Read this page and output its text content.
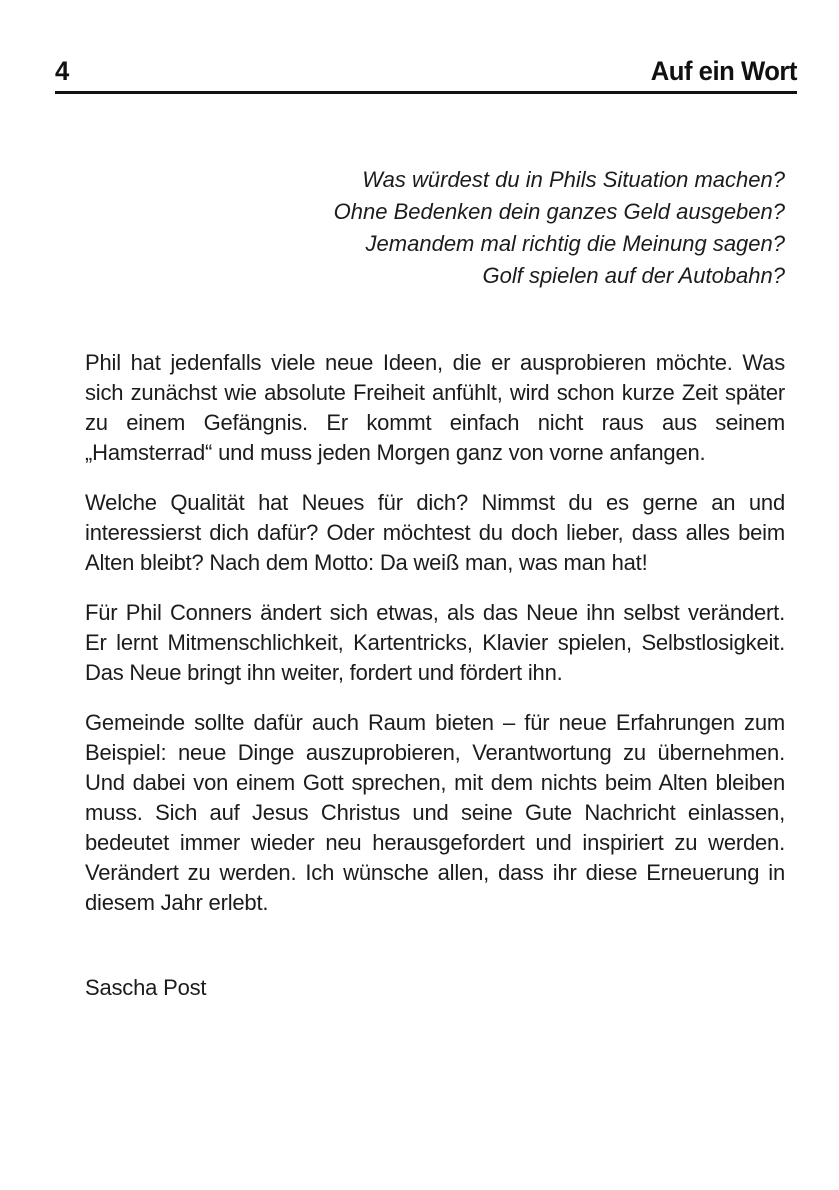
4	Auf ein Wort
Was würdest du in Phils Situation machen?
Ohne Bedenken dein ganzes Geld ausgeben?
Jemandem mal richtig die Meinung sagen?
Golf spielen auf der Autobahn?

Phil hat jedenfalls viele neue Ideen, die er ausprobieren möchte. Was sich zunächst wie absolute Freiheit anfühlt, wird schon kurze Zeit später zu einem Gefängnis. Er kommt einfach nicht raus aus seinem „Hamsterrad“ und muss jeden Morgen ganz von vorne anfangen.

Welche Qualität hat Neues für dich? Nimmst du es gerne an und interessierst dich dafür? Oder möchtest du doch lieber, dass alles beim Alten bleibt? Nach dem Motto: Da weiß man, was man hat!

Für Phil Conners ändert sich etwas, als das Neue ihn selbst verändert. Er lernt Mitmenschlichkeit, Kartentricks, Klavier spielen, Selbstlosigkeit. Das Neue bringt ihn weiter, fordert und fördert ihn.

Gemeinde sollte dafür auch Raum bieten – für neue Erfahrungen zum Beispiel: neue Dinge auszuprobieren, Verantwortung zu übernehmen. Und dabei von einem Gott sprechen, mit dem nichts beim Alten bleiben muss. Sich auf Jesus Christus und seine Gute Nachricht einlassen, bedeutet immer wieder neu herausgefordert und inspiriert zu werden. Verändert zu werden. Ich wünsche allen, dass ihr diese Erneuerung in diesem Jahr erlebt.

Sascha Post
